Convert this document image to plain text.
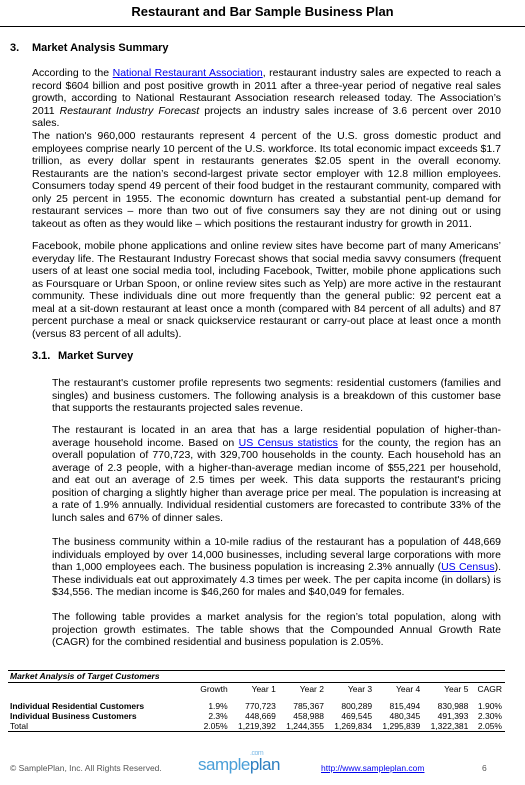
Restaurant and Bar Sample Business Plan
3. Market Analysis Summary

According to the National Restaurant Association, restaurant industry sales are expected to reach a record $604 billion and post positive growth in 2011 after a three-year period of negative real sales growth, according to National Restaurant Association research released today. The Association’s 2011 Restaurant Industry Forecast projects an industry sales increase of 3.6 percent over 2010 sales.

The nation's 960,000 restaurants represent 4 percent of the U.S. gross domestic product and employees comprise nearly 10 percent of the U.S. workforce. Its total economic impact exceeds $1.7 trillion, as every dollar spent in restaurants generates $2.05 spent in the overall economy. Restaurants are the nation’s second-largest private sector employer with 12.8 million employees. Consumers today spend 49 percent of their food budget in the restaurant community, compared with only 25 percent in 1955. The economic downturn has created a substantial pent-up demand for restaurant services – more than two out of five consumers say they are not dining out or using takeout as often as they would like – which positions the restaurant industry for growth in 2011.

Facebook, mobile phone applications and online review sites have become part of many Americans’ everyday life. The Restaurant Industry Forecast shows that social media savvy consumers (frequent users of at least one social media tool, including Facebook, Twitter, mobile phone applications such as Foursquare or Urban Spoon, or online review sites such as Yelp) are more active in the restaurant community. These individuals dine out more frequently than the general public: 92 percent eat a meal at a sit-down restaurant at least once a month (compared with 84 percent of all adults) and 87 percent purchase a meal or snack quickservice restaurant or carry-out place at least once a month (versus 83 percent of all adults).

3.1. Market Survey

The restaurant's customer profile represents two segments: residential customers (families and singles) and business customers. The following analysis is a breakdown of this customer base that supports the restaurants projected sales revenue.

The restaurant is located in an area that has a large residential population of higher-than-average household income. Based on US Census statistics for the county, the region has an overall population of 770,723, with 329,700 households in the county. Each household has an average of 2.3 people, with a higher-than-average median income of $55,221 per household, and eat out an average of 2.5 times per week. This data supports the restaurant's pricing position of charging a slightly higher than average price per meal. The population is increasing at a rate of 1.9% annually. Individual residential customers are forecasted to contribute 33% of the lunch sales and 67% of dinner sales.

The business community within a 10-mile radius of the restaurant has a population of 448,669 individuals employed by over 14,000 businesses, including several large corporations with more than 1,000 employees each. The business population is increasing 2.3% annually (US Census). These individuals eat out approximately 4.3 times per week. The per capita income (in dollars) is $34,556. The median income is $46,260 for males and $40,049 for females.

The following table provides a market analysis for the region’s total population, along with projection growth estimates. The table shows that the Compounded Annual Growth Rate (CAGR) for the combined residential and business population is 2.05%.

Market Analysis of Target Customers
	Growth	Year 1	Year 2	Year 3	Year 4	Year 5	CAGR

Individual Residential Customers	1.9%	770,723	785,367	800,289	815,494	830,988	1.90%
Individual Business Customers	2.3%	448,669	458,988	469,545	480,345	491,393	2.30%
Total	2.05%	1,219,392	1,244,355	1,269,834	1,295,839	1,322,381	2.05%
© SamplePlan, Inc. All Rights Reserved. sampleplan
.com
http://www.sampleplan.com	6
